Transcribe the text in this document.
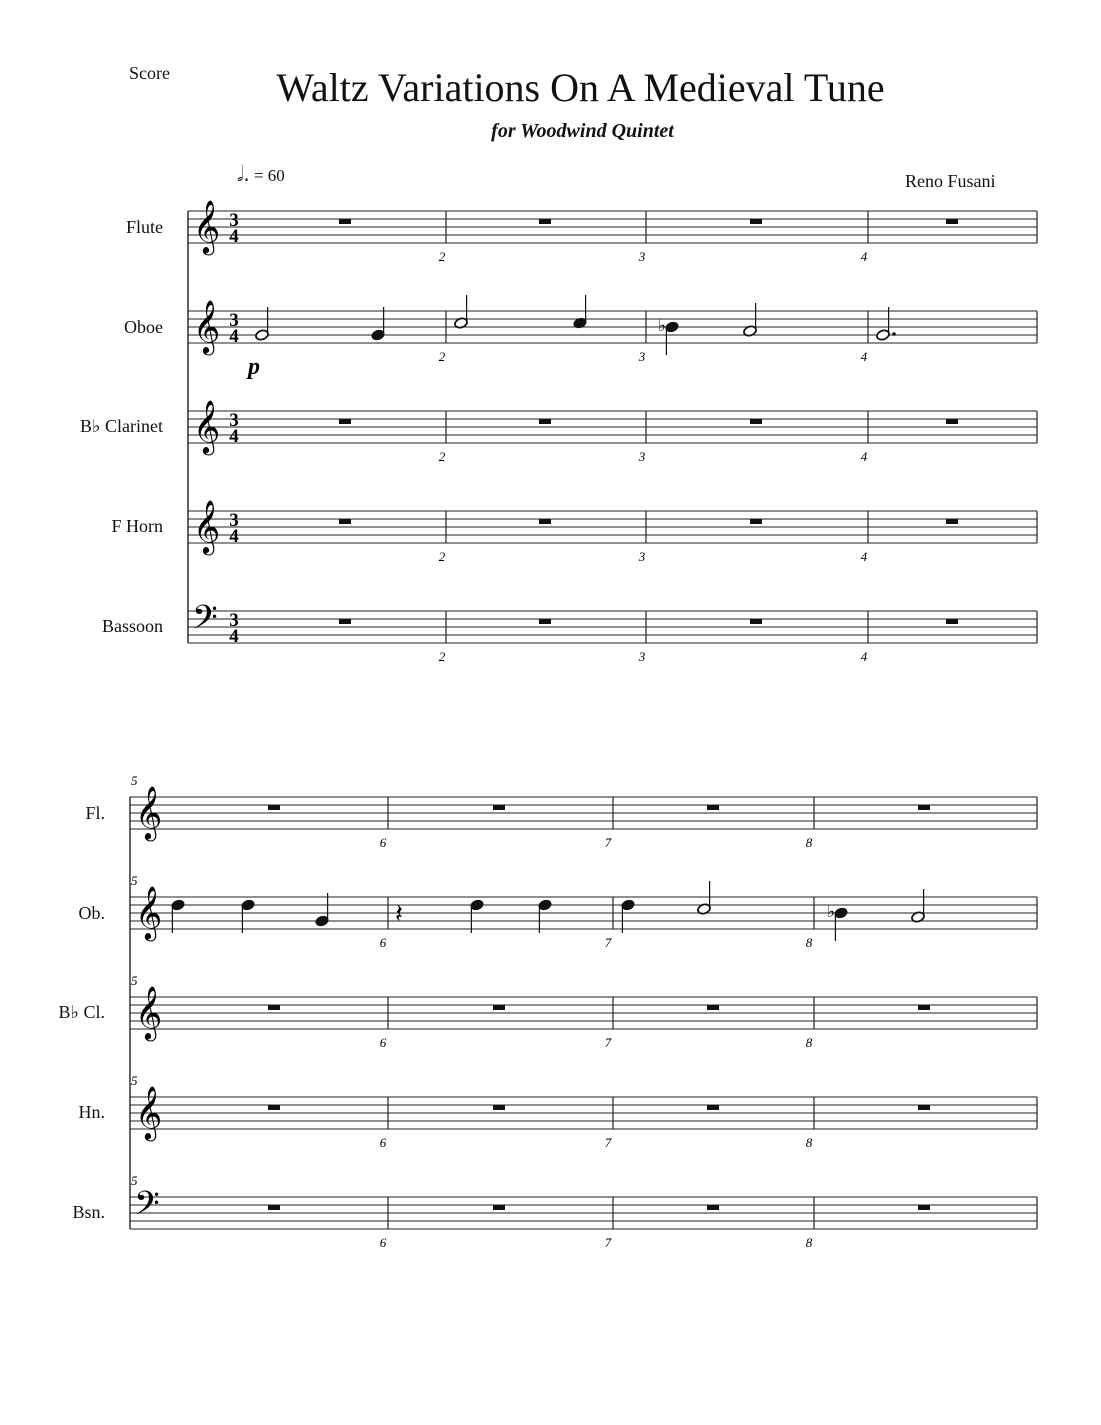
Score	Waltz Variations On A Medieval Tune
for Woodwind Quintet
𝅗𝅥. = 60	Reno Fusani
Flute
Oboe
B♭ Clarinet
F Horn
Bassoon
Fl.
Ob.
B♭ Cl.
Hn.
Bsn.
𝄞 3
4
2	3	4
𝄞 3
4
2	3	4
𝄞 3
4
2	3	4
𝄞 3
4
2	3	4
𝄢 3
4
2	3	4
♭
p
𝄞
5
6	7	8
𝄞
5
6	7	8
𝄞
5
6	7	8
𝄞
5
6	7	8
𝄢
5
6	7	8
𝄽	♭
